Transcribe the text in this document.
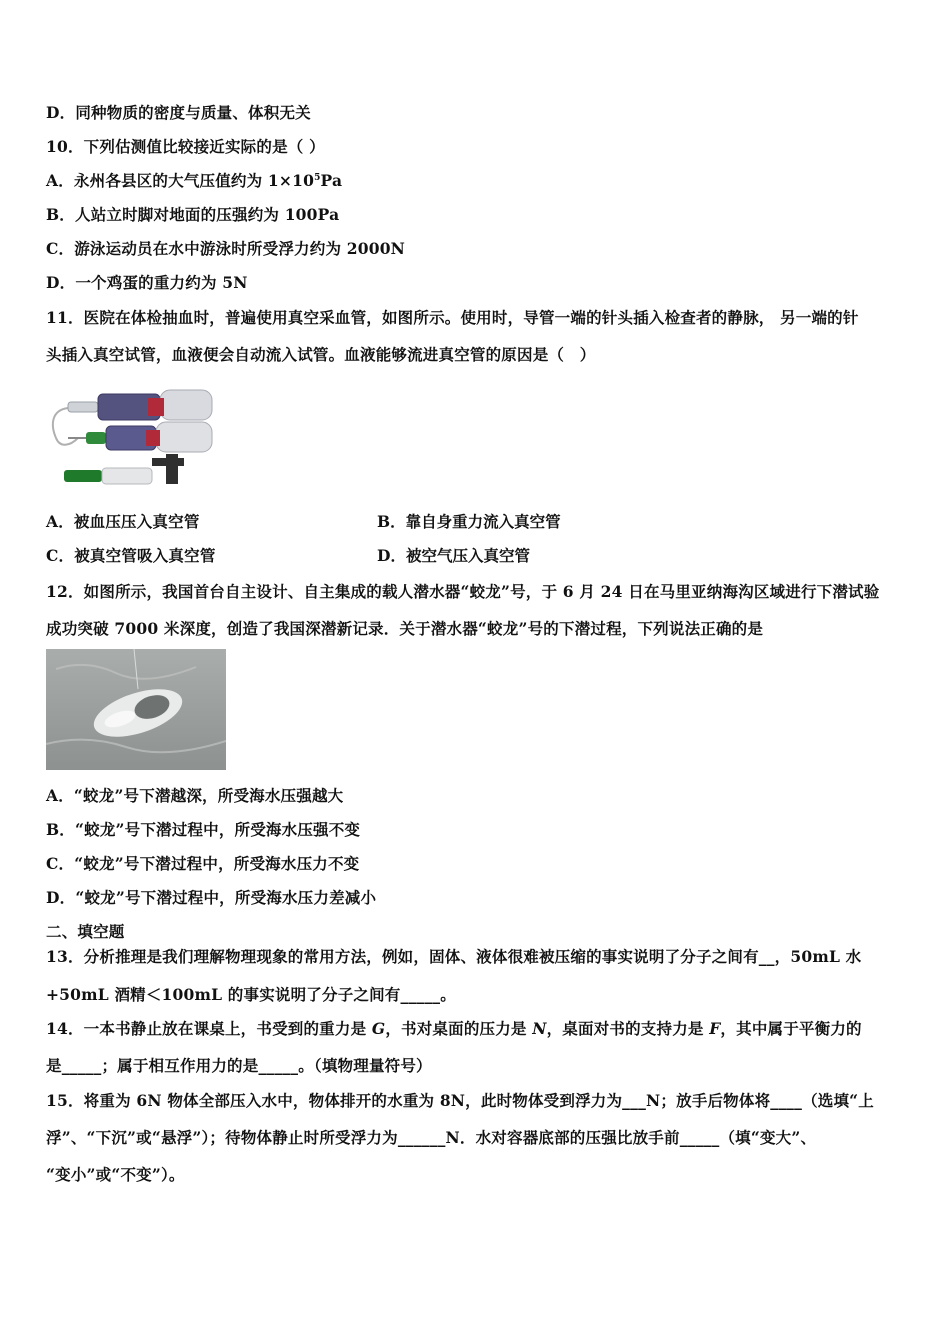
D．同种物质的密度与质量、体积无关
10．下列估测值比较接近实际的是（ ）
A．永州各县区的大气压值约为 $1\times 10^5Pa$
B．人站立时脚对地面的压强约为 100Pa
C．游泳运动员在水中游泳时所受浮力约为 2000N
D．一个鸡蛋的重力约为 5N
11．医院在体检抽血时，普遍使用真空采血管，如图所示。使用时，导管一端的针头插入检查者的静脉， 另一端的针
头插入真空试管，血液便会自动流入试管。血液能够流进真空管的原因是（　）
A．被血压压入真空管	B．靠自身重力流入真空管
C．被真空管吸入真空管	D．被空气压入真空管
12．如图所示，我国首台自主设计、自主集成的载人潜水器“蛟龙”号，于 6 月 24 日在马里亚纳海沟区域进行下潜试验
成功突破 7000 米深度，创造了我国深潜新记录．关于潜水器“蛟龙”号的下潜过程，下列说法正确的是
A．“蛟龙”号下潜越深，所受海水压强越大
B．“蛟龙”号下潜过程中，所受海水压强不变
C．“蛟龙”号下潜过程中，所受海水压力不变
D．“蛟龙”号下潜过程中，所受海水压力差减小
二、填空题
13．分析推理是我们理解物理现象的常用方法，例如，固体、液体很难被压缩的事实说明了分子之间有__，50mL 水
+50mL 酒精＜100mL 的事实说明了分子之间有_____。
14．一本书静止放在课桌上，书受到的重力是 G，书对桌面的压力是 N，桌面对书的支持力是 F，其中属于平衡力的
是_____；属于相互作用力的是_____。（填物理量符号）
15．将重为 6N 物体全部压入水中，物体排开的水重为 8N，此时物体受到浮力为___N；放手后物体将____（选填“上
浮”、“下沉”或“悬浮”）；待物体静止时所受浮力为______N．水对容器底部的压强比放手前_____（填“变大”、
“变小”或“不变”）。
